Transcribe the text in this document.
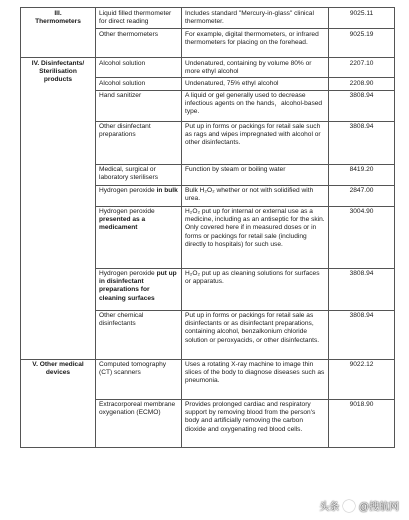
III.
Thermometers	Liquid filled thermometer for direct reading	Includes standard "Mercury-in-glass" clinical thermometer.	9025.11
	Other thermometers	For example, digital thermometers, or infrared thermometers for placing on the forehead.	9025.19
IV. Disinfectants/
Sterilisation
products	Alcohol solution	Undenatured, containing by volume 80% or more ethyl alcohol	2207.10
	Alcohol solution	Undenatured, 75% ethyl alcohol	2208.90
	Hand sanitizer	A liquid or gel generally used to decrease infectious agents on the hands，alcohol-based type.	3808.94
	Other disinfectant preparations	Put up in forms or packings for retail sale such as rags and wipes impregnated with alcohol or other disinfectants.	3808.94
	Medical, surgical or laboratory sterilisers	Function by steam or boiling water	8419.20
	Hydrogen peroxide in bulk	Bulk H₂O₂ whether or not with solidified with urea.	2847.00
	Hydrogen peroxide presented as a medicament	H₂O₂ put up for internal or external use as a medicine, including as an antiseptic for the skin. Only covered here if in measured doses or in forms or packings for retail sale (including directly to hospitals) for such use.	3004.90
	Hydrogen peroxide put up in disinfectant preparations for cleaning surfaces	H₂O₂ put up as cleaning solutions for surfaces or apparatus.	3808.94
	Other chemical disinfectants	Put up in forms or packings for retail sale as disinfectants or as disinfectant preparations, containing alcohol, benzalkonium chloride solution or peroxyacids, or other disinfectants.	3808.94
V. Other medical
devices	Computed tomography (CT) scanners	Uses a rotating X-ray machine to image thin slices of the body to diagnose diseases such as pneumonia.	9022.12
	Extracorporeal membrane oxygenation (ECMO)	Provides prolonged cardiac and respiratory support by removing blood from the person's body and artificially removing the carbon dioxide and oxygenating red blood cells.	9018.90
头条 @搜航网
